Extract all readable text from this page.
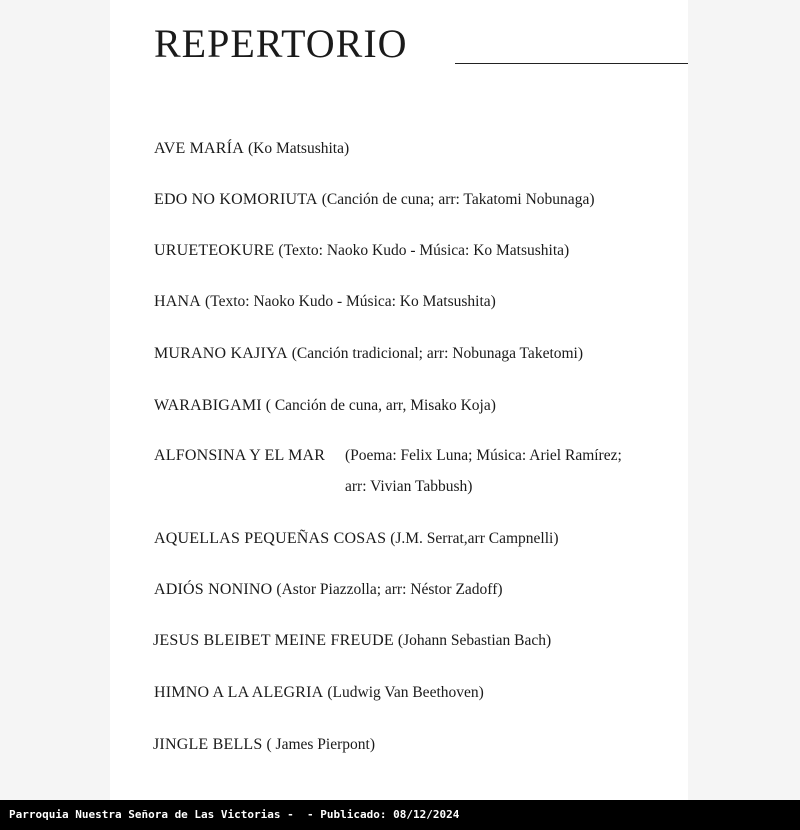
REPERTORIO
AVE MARÍA (Ko Matsushita)
EDO NO KOMORIUTA (Canción de cuna; arr: Takatomi Nobunaga)
URUETEOKURE (Texto: Naoko Kudo - Música: Ko Matsushita)
HANA (Texto: Naoko Kudo - Música: Ko Matsushita)
MURANO KAJIYA (Canción tradicional; arr: Nobunaga Taketomi)
WARABIGAMI ( Canción de cuna, arr, Misako Koja)
ALFONSINA Y EL MAR (Poema: Felix Luna; Música: Ariel Ramírez;
arr: Vivian Tabbush)
AQUELLAS PEQUEÑAS COSAS (J.M. Serrat,arr Campnelli)
ADIÓS NONINO (Astor Piazzolla; arr: Néstor Zadoff)
JESUS BLEIBET MEINE FREUDE (Johann Sebastian Bach)
HIMNO A LA ALEGRIA (Ludwig Van Beethoven)
JINGLE BELLS ( James Pierpont)
Parroquia Nuestra Señora de Las Victorias -  - Publicado: 08/12/2024
